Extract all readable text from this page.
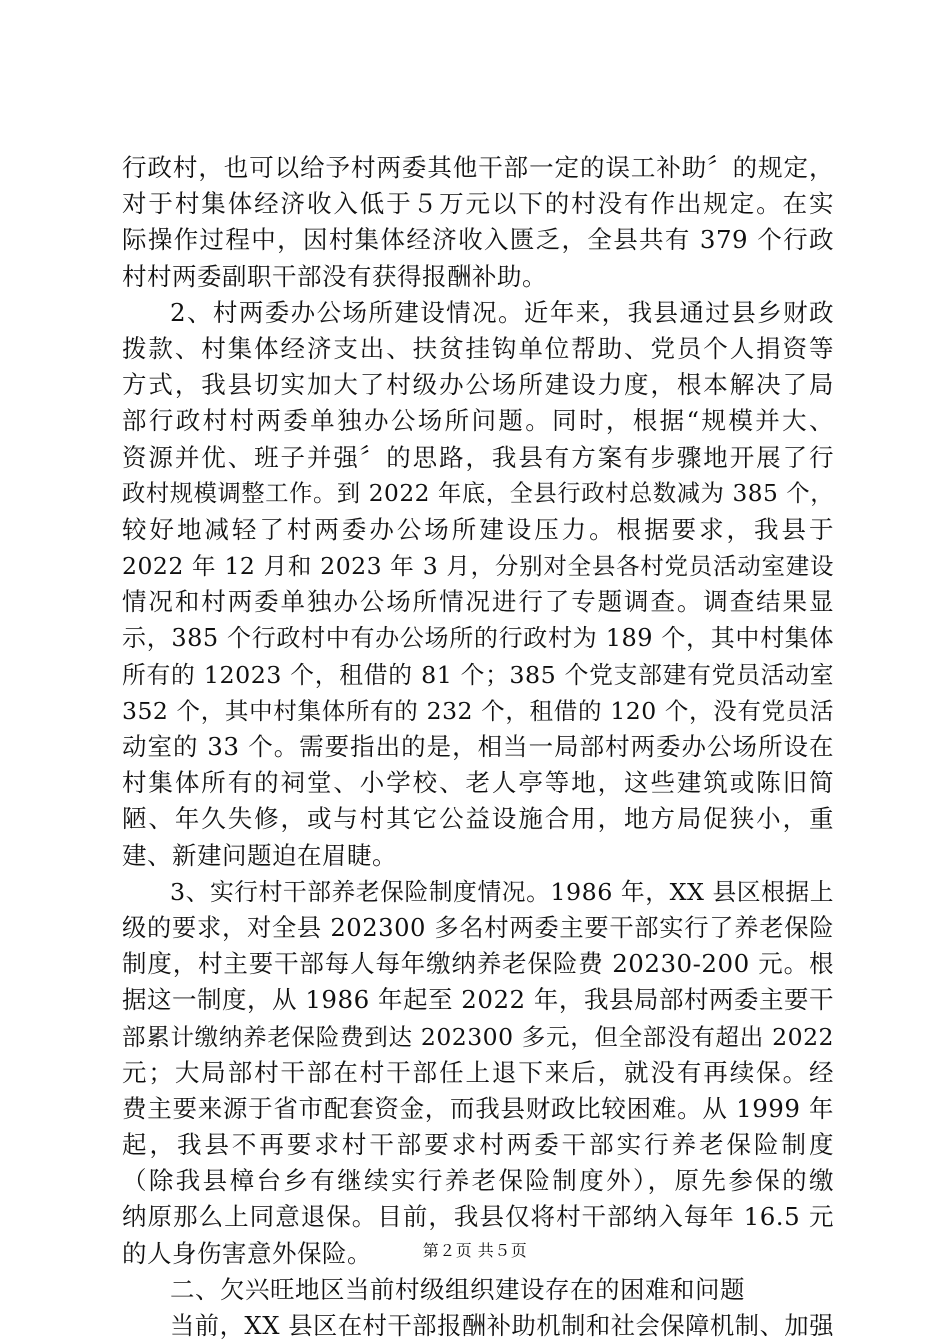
行政村，也可以给予村两委其他干部一定的误工补助〞的规定，
对于村集体经济收入低于５万元以下的村没有作出规定。在实
际操作过程中，因村集体经济收入匮乏，全县共有 379 个行政
村村两委副职干部没有获得报酬补助。
2、村两委办公场所建设情况。近年来，我县通过县乡财政
拨款、村集体经济支出、扶贫挂钩单位帮助、党员个人捐资等
方式，我县切实加大了村级办公场所建设力度，根本解决了局
部行政村村两委单独办公场所问题。同时，根据“规模并大、
资源并优、班子并强〞的思路，我县有方案有步骤地开展了行
政村规模调整工作。到 2022 年底，全县行政村总数减为 385 个，
较好地减轻了村两委办公场所建设压力。根据要求，我县于
2022 年 12 月和 2023 年 3 月，分别对全县各村党员活动室建设
情况和村两委单独办公场所情况进行了专题调查。调查结果显
示，385 个行政村中有办公场所的行政村为 189 个，其中村集体
所有的 12023 个，租借的 81 个；385 个党支部建有党员活动室
352 个，其中村集体所有的 232 个，租借的 120 个，没有党员活
动室的 33 个。需要指出的是，相当一局部村两委办公场所设在
村集体所有的祠堂、小学校、老人亭等地，这些建筑或陈旧简
陋、年久失修，或与村其它公益设施合用，地方局促狭小，重
建、新建问题迫在眉睫。
3、实行村干部养老保险制度情况。1986 年，XX 县区根据上
级的要求，对全县 202300 多名村两委主要干部实行了养老保险
制度，村主要干部每人每年缴纳养老保险费 20230-200 元。根
据这一制度，从 1986 年起至 2022 年，我县局部村两委主要干
部累计缴纳养老保险费到达 202300 多元，但全部没有超出 2022
元；大局部村干部在村干部任上退下来后，就没有再续保。经
费主要来源于省市配套资金，而我县财政比较困难。从 1999 年
起，我县不再要求村干部要求村两委干部实行养老保险制度
（除我县樟台乡有继续实行养老保险制度外），原先参保的缴
纳原那么上同意退保。目前，我县仅将村干部纳入每年 16.5 元
的人身伤害意外保险。
二、欠兴旺地区当前村级组织建设存在的困难和问题
当前，XX 县区在村干部报酬补助机制和社会保障机制、加强
第２页 共５页
